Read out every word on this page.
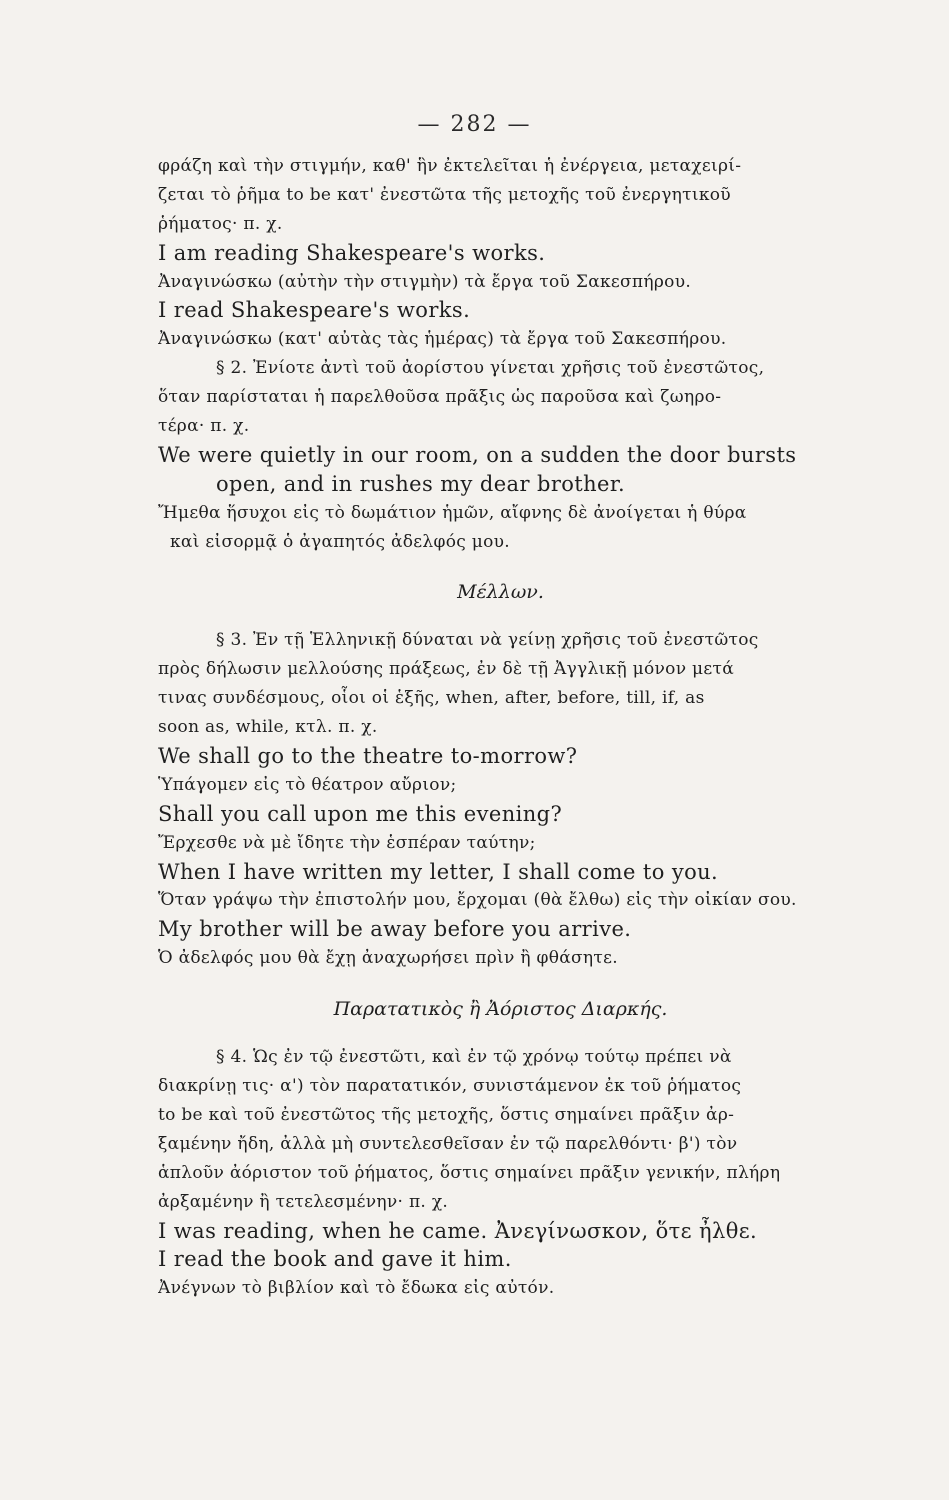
— 282 —
φράζη καὶ τὴν στιγμήν, καθ' ἣν ἐκτελεῖται ἡ ἐνέργεια, μεταχειρί-
ζεται τὸ ῥῆμα to be κατ' ἐνεστῶτα τῆς μετοχῆς τοῦ ἐνεργητικοῦ
ῥήματος· π. χ.
I am reading Shakespeare's works.
Ἀναγινώσκω (αὐτὴν τὴν στιγμὴν) τὰ ἔργα τοῦ Σακεσπήρου.
I read Shakespeare's works.
Ἀναγινώσκω (κατ' αὐτὰς τὰς ἡμέρας) τὰ ἔργα τοῦ Σακεσπήρου.
§ 2. Ἐνίοτε ἀντὶ τοῦ ἀορίστου γίνεται χρῆσις τοῦ ἐνεστῶτος,
ὅταν παρίσταται ἡ παρελθοῦσα πρᾶξις ὡς παροῦσα καὶ ζωηρο-
τέρα· π. χ.
We were quietly in our room, on a sudden the door bursts
open, and in rushes my dear brother.
Ἤμεθα ἥσυχοι εἰς τὸ δωμάτιον ἡμῶν, αἴφνης δὲ ἀνοίγεται ἡ θύρα
καὶ εἰσορμᾷ ὁ ἀγαπητός ἀδελφός μου.
Μέλλων.
§ 3. Ἐν τῇ Ἑλληνικῇ δύναται νὰ γείνῃ χρῆσις τοῦ ἐνεστῶτος
πρὸς δήλωσιν μελλούσης πράξεως, ἐν δὲ τῇ Ἀγγλικῇ μόνον μετά
τινας συνδέσμους, οἷοι οἱ ἑξῆς, when, after, before, till, if, as
soon as, while, κτλ. π. χ.
We shall go to the theatre to-morrow?
Ὑπάγομεν εἰς τὸ θέατρον αὔριον;
Shall you call upon me this evening?
Ἔρχεσθε νὰ μὲ ἴδητε τὴν ἑσπέραν ταύτην;
When I have written my letter, I shall come to you.
Ὅταν γράψω τὴν ἐπιστολήν μου, ἔρχομαι (θὰ ἔλθω) εἰς τὴν οἰκίαν σου.
My brother will be away before you arrive.
Ὁ ἀδελφός μου θὰ ἔχῃ ἀναχωρήσει πρὶν ἢ φθάσητε.
Παρατατικὸς ἢ Ἀόριστος Διαρκής.
§ 4. Ὡς ἐν τῷ ἐνεστῶτι, καὶ ἐν τῷ χρόνῳ τούτῳ πρέπει νὰ
διακρίνῃ τις· α') τὸν παρατατικόν, συνιστάμενον ἐκ τοῦ ῥήματος
to be καὶ τοῦ ἐνεστῶτος τῆς μετοχῆς, ὅστις σημαίνει πρᾶξιν ἀρ-
ξαμένην ἤδη, ἀλλὰ μὴ συντελεσθεῖσαν ἐν τῷ παρελθόντι· β') τὸν
ἁπλοῦν ἀόριστον τοῦ ῥήματος, ὅστις σημαίνει πρᾶξιν γενικήν, πλήρη
ἀρξαμένην ἢ τετελεσμένην· π. χ.
I was reading, when he came. Ἀνεγίνωσκον, ὅτε ἦλθε.
I read the book and gave it him.
Ἀνέγνων τὸ βιβλίον καὶ τὸ ἔδωκα εἰς αὐτόν.
